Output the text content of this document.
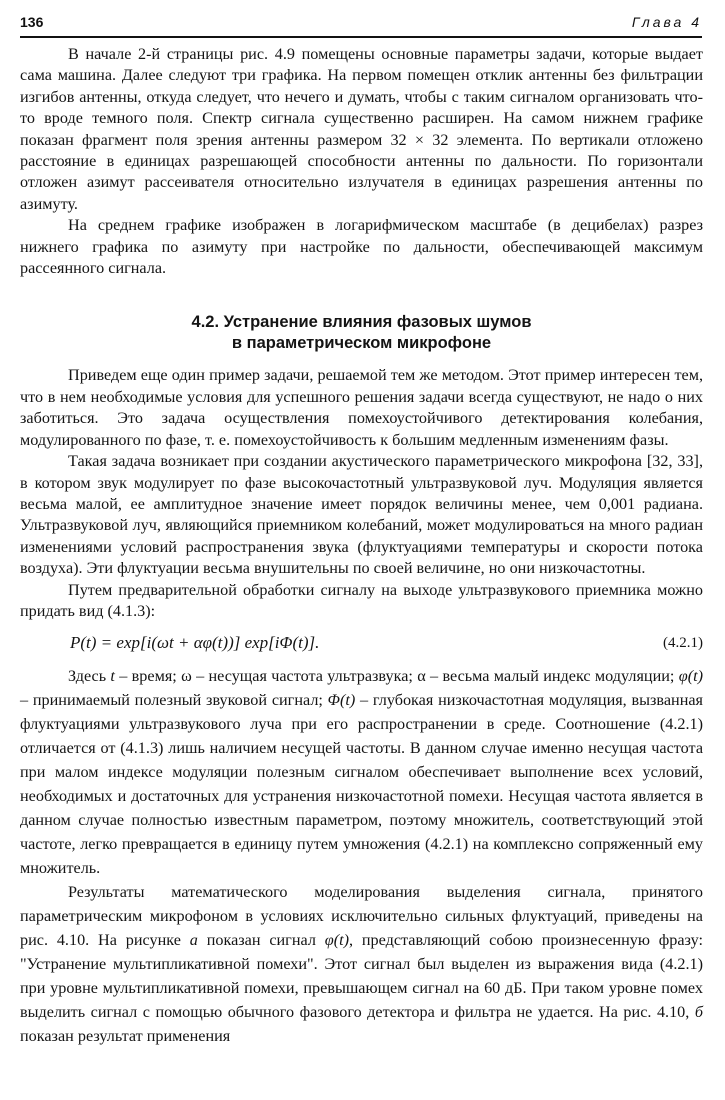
136	Глава 4

В начале 2-й страницы рис. 4.9 помещены основные параметры задачи, которые выдает сама машина. Далее следуют три графика. На первом помещен отклик антенны без фильтрации изгибов антенны, откуда следует, что нечего и думать, чтобы с таким сигналом организовать что-то вроде темного поля. Спектр сигнала существенно расширен. На самом нижнем графике показан фрагмент поля зрения антенны размером 32 × 32 элемента. По вертикали отложено расстояние в единицах разрешающей способности антенны по дальности. По горизонтали отложен азимут рассеивателя относительно излучателя в единицах разрешения антенны по азимуту.

На среднем графике изображен в логарифмическом масштабе (в децибелах) разрез нижнего графика по азимуту при настройке по дальности, обеспечивающей максимум рассеянного сигнала.

4.2. Устранение влияния фазовых шумов
в параметрическом микрофоне

Приведем еще один пример задачи, решаемой тем же методом. Этот пример интересен тем, что в нем необходимые условия для успешного решения задачи всегда существуют, не надо о них заботиться. Это задача осуществления помехоустойчивого детектирования колебания, модулированного по фазе, т. е. помехоустойчивость к большим медленным изменениям фазы.

Такая задача возникает при создании акустического параметрического микрофона [32, 33], в котором звук модулирует по фазе высокочастотный ультразвуковой луч. Модуляция является весьма малой, ее амплитудное значение имеет порядок величины менее, чем 0,001 радиана. Ультразвуковой луч, являющийся приемником колебаний, может модулироваться на много радиан изменениями условий распространения звука (флуктуациями температуры и скорости потока воздуха). Эти флуктуации весьма внушительны по своей величине, но они низкочастотны.

Путем предварительной обработки сигналу на выходе ультразвукового приемника можно придать вид (4.1.3):

P(t) = exp[i(ωt + αφ(t))] exp[iΦ(t)].	(4.2.1)

Здесь t – время; ω – несущая частота ультразвука; α – весьма малый индекс модуляции; φ(t) – принимаемый полезный звуковой сигнал; Φ(t) – глубокая низкочастотная модуляция, вызванная флуктуациями ультразвукового луча при его распространении в среде. Соотношение (4.2.1) отличается от (4.1.3) лишь наличием несущей частоты. В данном случае именно несущая частота при малом индексе модуляции полезным сигналом обеспечивает выполнение всех условий, необходимых и достаточных для устранения низкочастотной помехи. Несущая частота является в данном случае полностью известным параметром, поэтому множитель, соответствующий этой частоте, легко превращается в единицу путем умножения (4.2.1) на комплексно сопряженный ему множитель.

Результаты математического моделирования выделения сигнала, принятого параметрическим микрофоном в условиях исключительно сильных флуктуаций, приведены на рис. 4.10. На рисунке а показан сигнал φ(t), представляющий собою произнесенную фразу: "Устранение мультипликативной помехи". Этот сигнал был выделен из выражения вида (4.2.1) при уровне мультипликативной помехи, превышающем сигнал на 60 дБ. При таком уровне помех выделить сигнал с помощью обычного фазового детектора и фильтра не удается. На рис. 4.10, б показан результат применения
